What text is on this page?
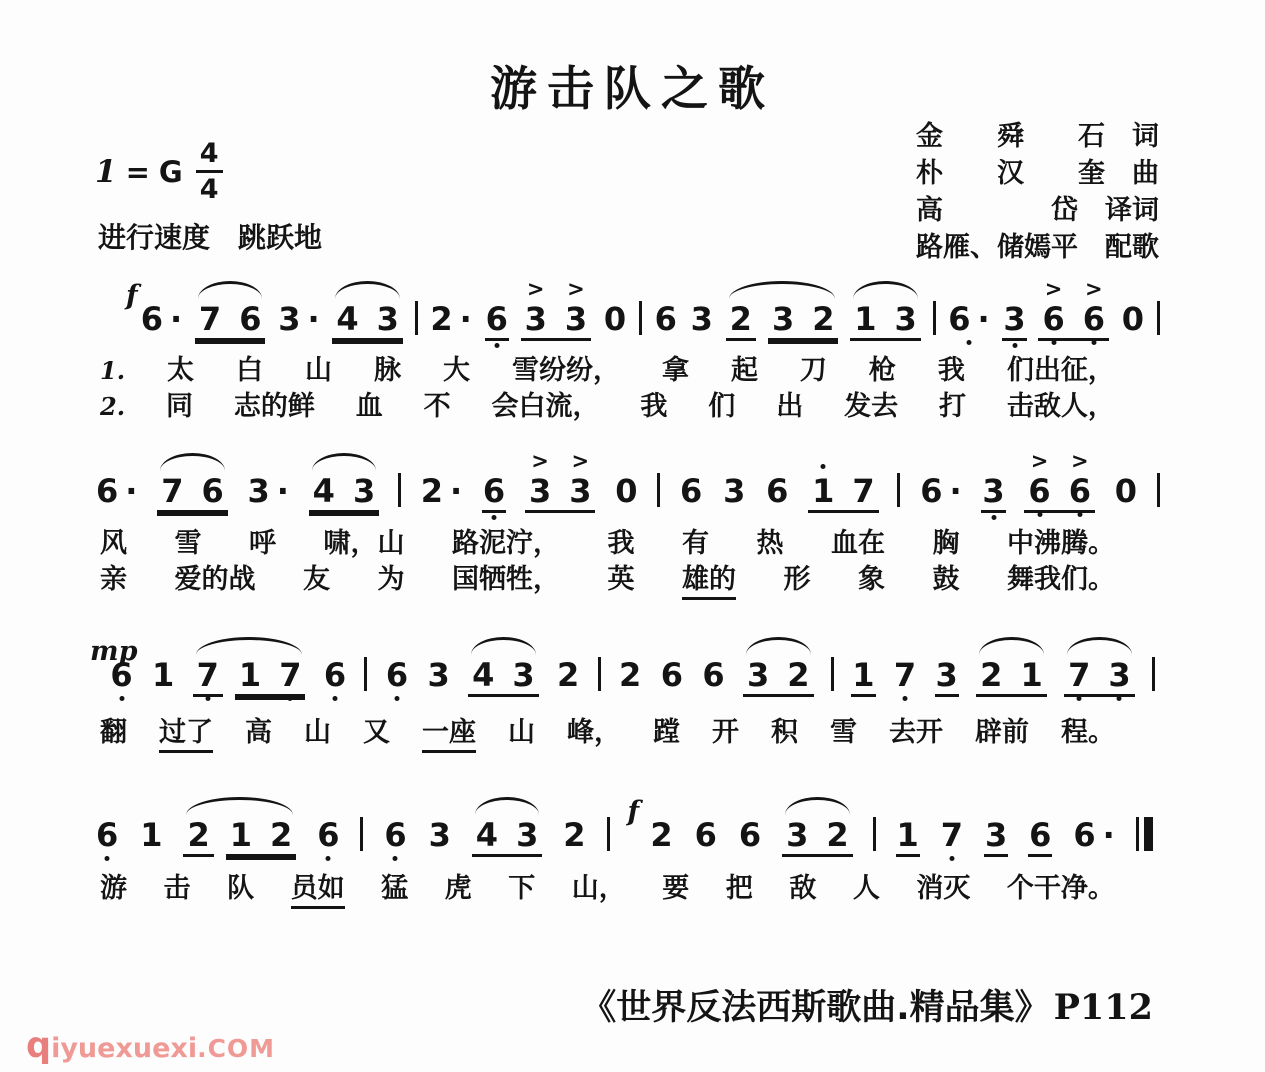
游击队之歌
金　　舜　　石　词
朴　　汉　　奎　曲
高　　　　岱　译词
路雁、储嫣平　配歌
1 = G $\frac{4}{4}$
进行速度　跳跃地
f
6 · 7 6 3 · 4 3 2 · 6 3
>
3
>
0 6 3 2 3 2 1 3 6 · 3 6
>
6
>
0
1. 太 白 山 脉 大 雪纷纷， 拿 起 刀 枪 我 们出征，
2. 同 志的鲜 血 不 会白流， 我 们 出 发去 打 击敌人，
6 · 7 6 3 · 4 3 2 · 6 3
>
3
>
0 6 3 6 1 7 6 · 3 6
>
6
>
0
风 雪 呼 啸，山 路泥泞， 我 有 热 血在 胸 中沸腾。
亲 爱的战 友 为 国牺牲， 英 雄的 形 象 鼓 舞我们。
mp
6 1 7 1 7 6 6 3 4 3 2 2 6 6 3 2 1 7 3 2 1 7 3
翻 过了 高 山 又 一座 山 峰， 蹚 开 积 雪 去开 辟前 程。
6 1 2 1 2 6 6 3 4 3 2
f
2 6 6 3 2 1 7 3 6 6 ·
游 击 队 员如 猛 虎 下 山， 要 把 敌 人 消灭 个干净。
《世界反法西斯歌曲.精品集》 P112
qiyuexuexi.COM
